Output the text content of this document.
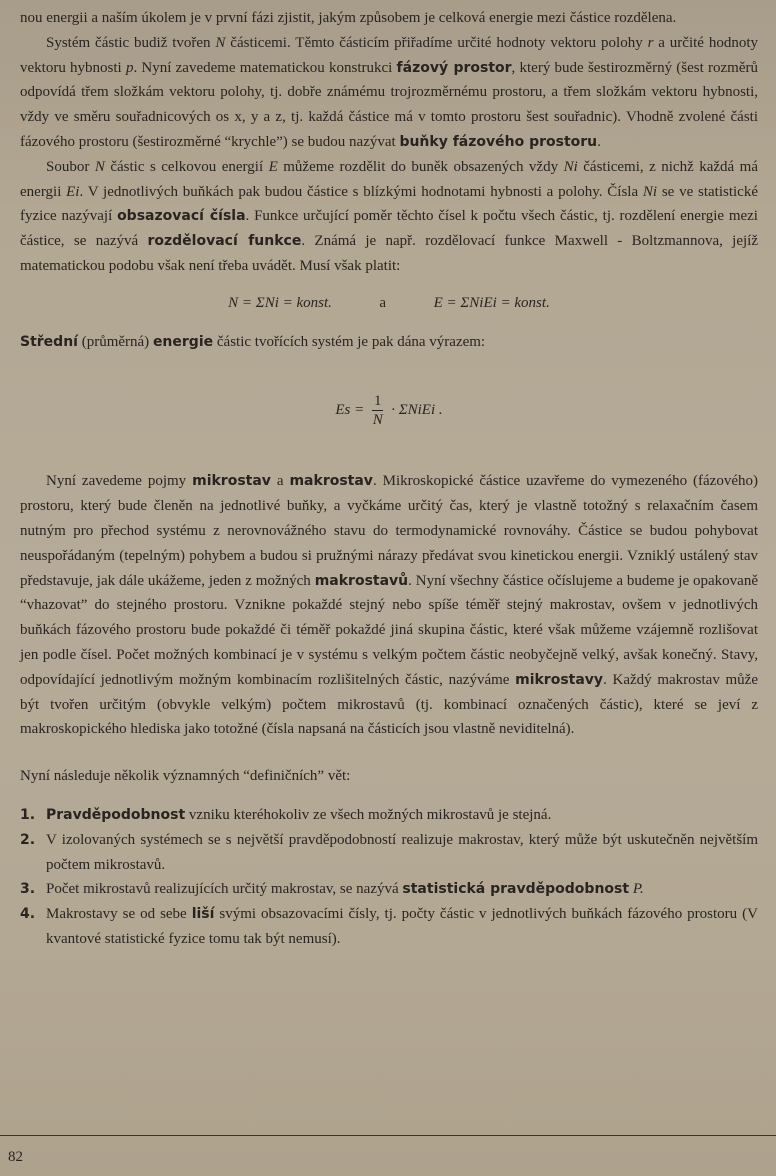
nou energii a naším úkolem je v první fázi zjistit, jakým způsobem je celková energie mezi částice rozdělena.

Systém částic budiž tvořen N částicemi. Těmto částicím přiřadíme určité hodnoty vektoru polohy r a určité hodnoty vektoru hybnosti p. Nyní zavedeme matematickou konstrukci fázový prostor, který bude šestirozměrný (šest rozměrů odpovídá třem složkám vektoru polohy, tj. dobře známému trojrozměrnému prostoru, a třem složkám vektoru hybnosti, vždy ve směru souřadnicových os x, y a z, tj. každá částice má v tomto prostoru šest souřadnic). Vhodně zvolené části fázového prostoru (šestirozměrné “krychle”) se budou nazývat buňky fázového prostoru.

Soubor N částic s celkovou energií E můžeme rozdělit do buněk obsazených vždy Ni částicemi, z nichž každá má energii Ei. V jednotlivých buňkách pak budou částice s blízkými hodnotami hybnosti a polohy. Čísla Ni se ve statistické fyzice nazývají obsazovací čísla. Funkce určující poměr těchto čísel k počtu všech částic, tj. rozdělení energie mezi částice, se nazývá rozdělovací funkce. Známá je např. rozdělovací funkce Maxwell - Boltzmannova, jejíž matematickou podobu však není třeba uvádět. Musí však platit:

N = ΣNi = konst.	a	E = ΣNiEi = konst.

Střední (průměrná) energie částic tvořících systém je pak dána výrazem:

$Es = \frac{1}{N}$ · ΣNiEi .

Nyní zavedeme pojmy mikrostav a makrostav. Mikroskopické částice uzavřeme do vymezeného (fázového) prostoru, který bude členěn na jednotlivé buňky, a vyčkáme určitý čas, který je vlastně totožný s relaxačním časem nutným pro přechod systému z nerovnovážného stavu do termodynamické rovnováhy. Částice se budou pohybovat neuspořádaným (tepelným) pohybem a budou si pružnými nárazy předávat svou kinetickou energii. Vzniklý ustálený stav představuje, jak dále ukážeme, jeden z možných makrostavů. Nyní všechny částice očíslujeme a budeme je opakovaně “vhazovat” do stejného prostoru. Vznikne pokaždé stejný nebo spíše téměř stejný makrostav, ovšem v jednotlivých buňkách fázového prostoru bude pokaždé či téměř pokaždé jiná skupina částic, které však můžeme vzájemně rozlišovat jen podle čísel. Počet možných kombinací je v systému s velkým počtem částic neobyčejně velký, avšak konečný. Stavy, odpovídající jednotlivým možným kombinacím rozlišitelných částic, nazýváme mikrostavy. Každý makrostav může být tvořen určitým (obvykle velkým) počtem mikrostavů (tj. kombinací označených částic), které se jeví z makroskopického hlediska jako totožné (čísla napsaná na částicích jsou vlastně neviditelná).

Nyní následuje několik významných “definičních” vět:

1. Pravděpodobnost vzniku kteréhokoliv ze všech možných mikrostavů je stejná.
2. V izolovaných systémech se s největší pravděpodobností realizuje makrostav, který může být uskutečněn největším počtem mikrostavů.
3. Počet mikrostavů realizujících určitý makrostav, se nazývá statistická pravděpodobnost P.
4. Makrostavy se od sebe liší svými obsazovacími čísly, tj. počty částic v jednotlivých buňkách fázového prostoru (V kvantové statistické fyzice tomu tak být nemusí).
82
